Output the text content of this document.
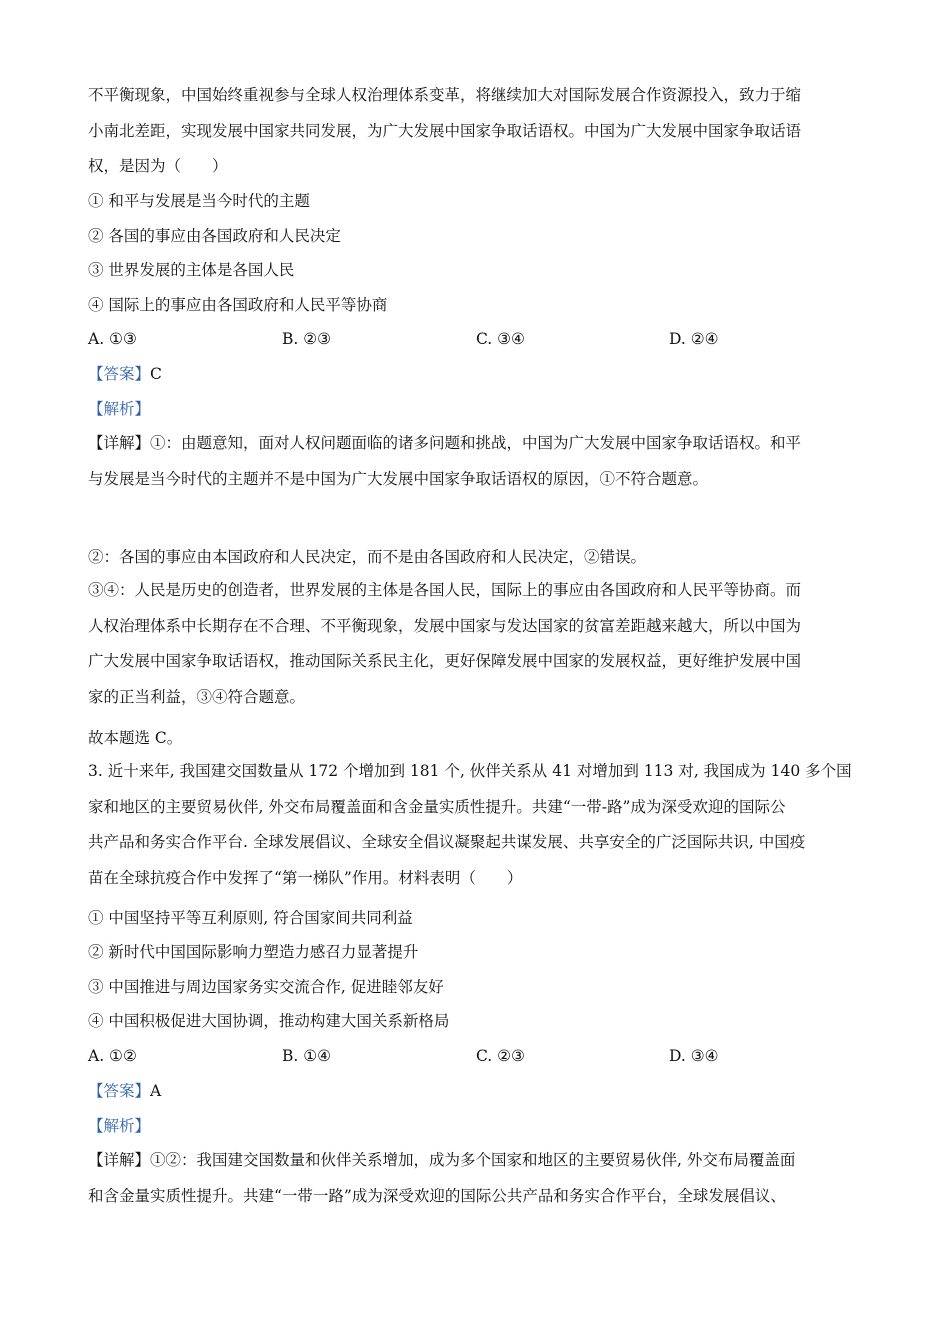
不平衡现象，中国始终重视参与全球人权治理体系变革，将继续加大对国际发展合作资源投入，致力于缩
小南北差距，实现发展中国家共同发展，为广大发展中国家争取话语权。中国为广大发展中国家争取话语
权，是因为（　　）
① 和平与发展是当今时代的主题
② 各国的事应由各国政府和人民决定
③ 世界发展的主体是各国人民
④ 国际上的事应由各国政府和人民平等协商
A. ①③	B. ②③	C. ③④	D. ②④
【答案】C
【解析】
【详解】①：由题意知，面对人权问题面临的诸多问题和挑战，中国为广大发展中国家争取话语权。和平
与发展是当今时代的主题并不是中国为广大发展中国家争取话语权的原因，①不符合题意。
②：各国的事应由本国政府和人民决定，而不是由各国政府和人民决定，②错误。
③④：人民是历史的创造者，世界发展的主体是各国人民，国际上的事应由各国政府和人民平等协商。而
人权治理体系中长期存在不合理、不平衡现象，发展中国家与发达国家的贫富差距越来越大，所以中国为
广大发展中国家争取话语权，推动国际关系民主化，更好保障发展中国家的发展权益，更好维护发展中国
家的正当利益，③④符合题意。
故本题选 C。
3. 近十来年, 我国建交国数量从 172 个增加到 181 个, 伙伴关系从 41 对增加到 113 对, 我国成为 140 多个国
家和地区的主要贸易伙伴, 外交布局覆盖面和含金量实质性提升。共建“一带-路”成为深受欢迎的国际公
共产品和务实合作平台. 全球发展倡议、全球安全倡议凝聚起共谋发展、共享安全的广泛国际共识, 中国疫
苗在全球抗疫合作中发挥了“第一梯队”作用。材料表明（　　）
① 中国坚持平等互利原则, 符合国家间共同利益
② 新时代中国国际影响力塑造力感召力显著提升
③ 中国推进与周边国家务实交流合作, 促进睦邻友好
④ 中国积极促进大国协调，推动构建大国关系新格局
A. ①②	B. ①④	C. ②③	D. ③④
【答案】A
【解析】
【详解】①②：我国建交国数量和伙伴关系增加，成为多个国家和地区的主要贸易伙伴, 外交布局覆盖面
和含金量实质性提升。共建“一带一路”成为深受欢迎的国际公共产品和务实合作平台，全球发展倡议、
